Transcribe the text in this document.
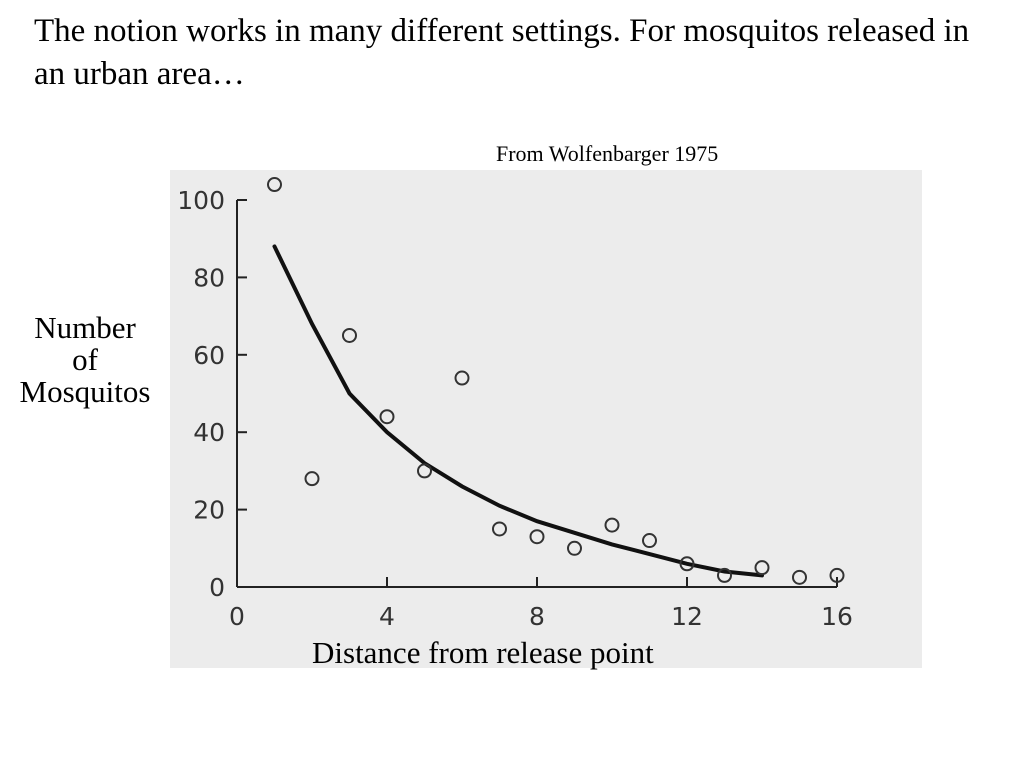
The notion works in many different settings. For mosquitos released in an urban area…
From Wolfenbarger 1975
Number
of
Mosquitos
0
20
40
60
80
100
0	4	8	12	16
Distance from release point
